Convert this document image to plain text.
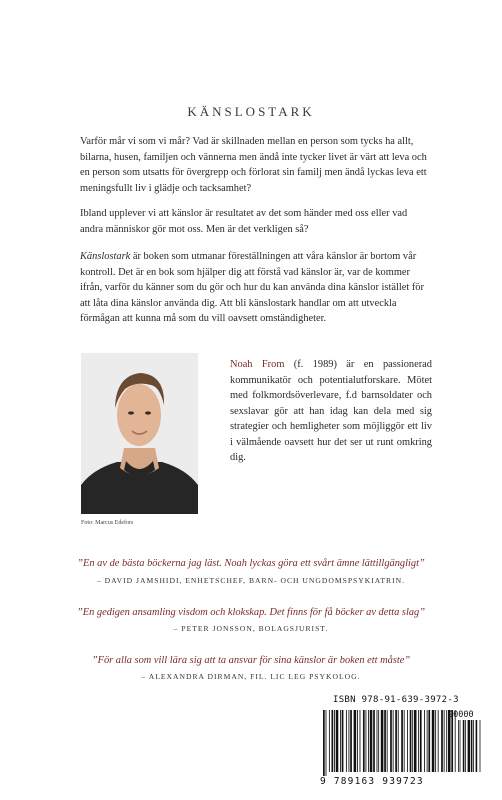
KÄNSLOSTARK

Varför mår vi som vi mår? Vad är skillnaden mellan en person som tycks ha allt, bilarna, husen, familjen och vännerna men ändå inte tycker livet är värt att leva och en person som utsatts för övergrepp och förlorat sin familj men ändå lyckas leva ett meningsfullt liv i glädje och tacksamhet?

Ibland upplever vi att känslor är resultatet av det som händer med oss eller vad andra människor gör mot oss. Men är det verkligen så?

Känslostark är boken som utmanar föreställningen att våra känslor är bortom vår kontroll. Det är en bok som hjälper dig att förstå vad känslor är, var de kommer ifrån, varför du känner som du gör och hur du kan använda dina känslor istället för att låta dina känslor använda dig. Att bli känslostark handlar om att utveckla förmågan att kunna må som du vill oavsett omständigheter.

Foto: Marcus Edefors

Noah From (f. 1989) är en passionerad kommunikatör och potentialutforskare. Mötet med folkmordsöverlevare, f.d barnsoldater och sexslavar gör att han idag kan dela med sig strategier och hemligheter som möjliggör ett liv i välmående oavsett hur det ser ut runt omkring dig.

”En av de bästa böckerna jag läst. Noah lyckas göra ett svårt ämne lättillgängligt”
– DAVID JAMSHIDI, ENHETSCHEF, BARN- OCH UNGDOMSPSYKIATRIN.
”En gedigen ansamling visdom och klokskap. Det finns för få böcker av detta slag”
– PETER JONSSON, BOLAGSJURIST.
”För alla som vill lära sig att ta ansvar för sina känslor är boken ett måste”
– ALEXANDRA DIRMAN, FIL. LIC LEG PSYKOLOG.
ISBN 978-91-639-3972-3
90000
9 789163 939723
